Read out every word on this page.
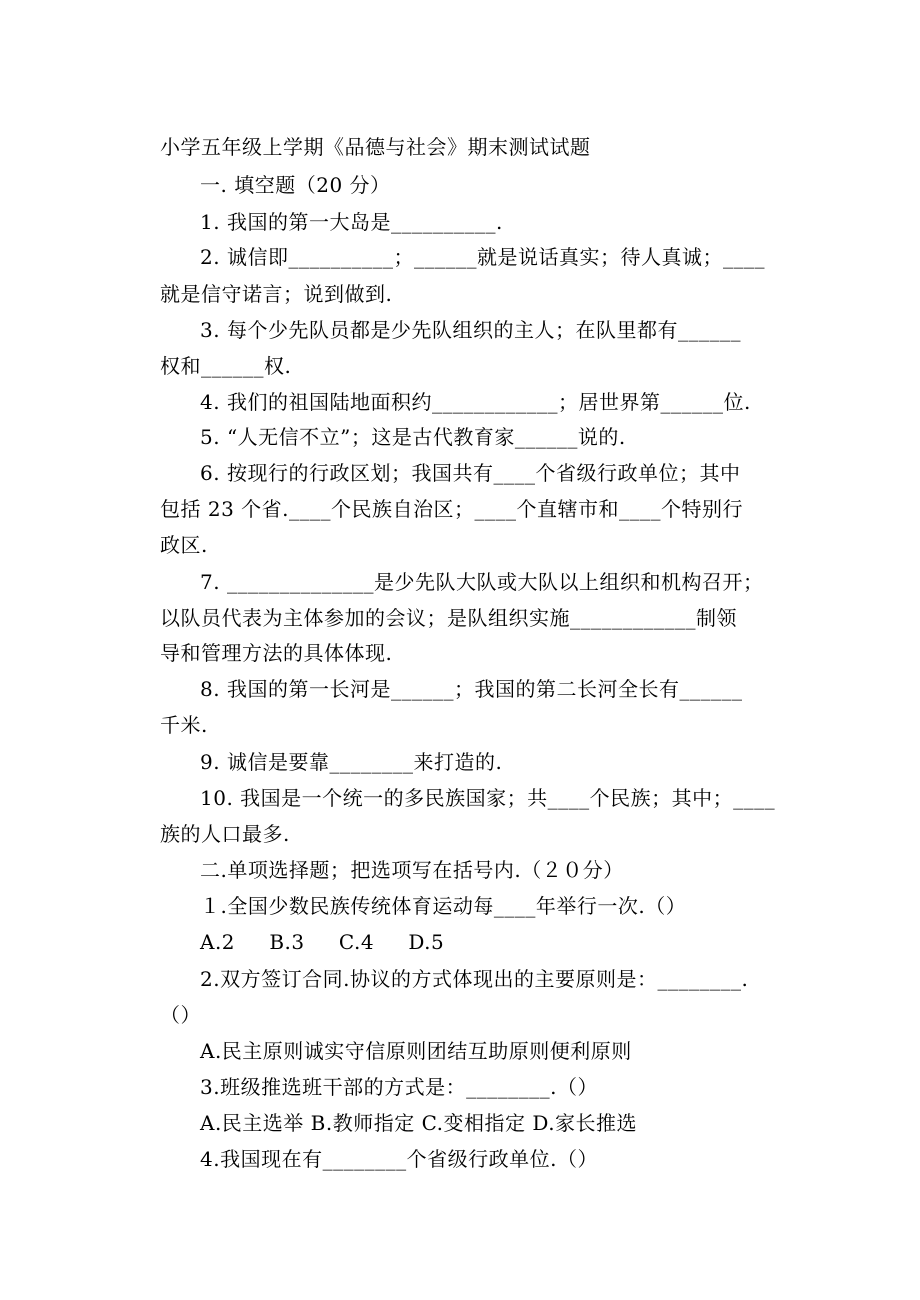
小学五年级上学期《品德与社会》期末测试试题

一. 填空题（20 分）

1. 我国的第一大岛是__________.

2. 诚信即__________；______就是说话真实；待人真诚；____

就是信守诺言；说到做到.

3. 每个少先队员都是少先队组织的主人；在队里都有______

权和______权.

4. 我们的祖国陆地面积约____________；居世界第______位.

5. “人无信不立”；这是古代教育家______说的.

6. 按现行的行政区划；我国共有____个省级行政单位；其中

包括 23 个省.____个民族自治区；____个直辖市和____个特别行

政区.

7. ______________是少先队大队或大队以上组织和机构召开；

以队员代表为主体参加的会议；是队组织实施____________制领

导和管理方法的具体体现.

8. 我国的第一长河是______；我国的第二长河全长有______

千米.

9. 诚信是要靠________来打造的.

10. 我国是一个统一的多民族国家；共____个民族；其中；____

族的人口最多.

二.单项选择题；把选项写在括号内.（２０分）

１.全国少数民族传统体育运动每____年举行一次.（）

A.2     B.3     C.4     D.5

2.双方签订合同.协议的方式体现出的主要原则是：________.

（）

A.民主原则诚实守信原则团结互助原则便利原则

3.班级推选班干部的方式是：________.（）

A.民主选举 B.教师指定 C.变相指定 D.家长推选

4.我国现在有________个省级行政单位.（）
